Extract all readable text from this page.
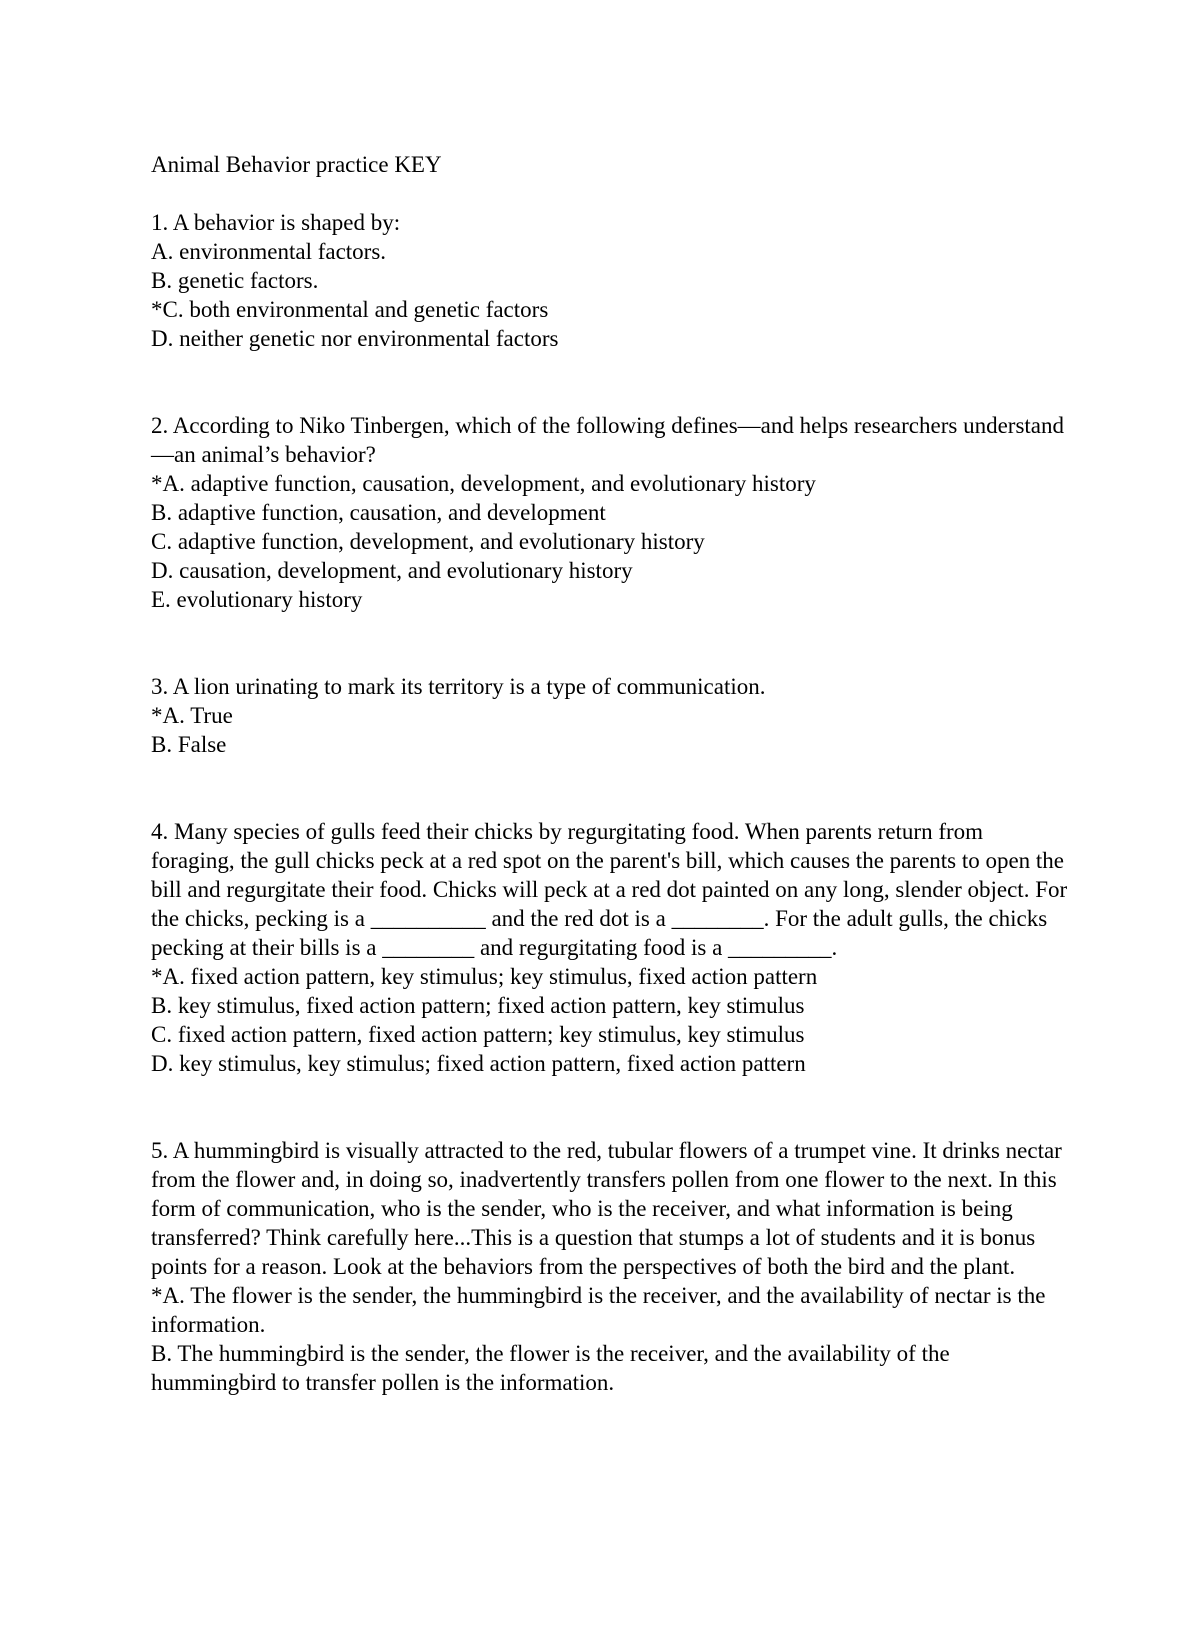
Animal Behavior practice KEY

1. A behavior is shaped by:

A. environmental factors.
B. genetic factors.
*C. both environmental and genetic factors
D. neither genetic nor environmental factors

2. According to Niko Tinbergen, which of the following defines—and helps researchers understand—an animal’s behavior?

*A. adaptive function, causation, development, and evolutionary history
B. adaptive function, causation, and development
C. adaptive function, development, and evolutionary history
D. causation, development, and evolutionary history
E. evolutionary history

3. A lion urinating to mark its territory is a type of communication.

*A. True
B. False

4. Many species of gulls feed their chicks by regurgitating food. When parents return from foraging, the gull chicks peck at a red spot on the parent's bill, which causes the parents to open the bill and regurgitate their food. Chicks will peck at a red dot painted on any long, slender object. For the chicks, pecking is a __________ and the red dot is a ________. For the adult gulls, the chicks pecking at their bills is a ________ and regurgitating food is a _________.

*A. fixed action pattern, key stimulus; key stimulus, fixed action pattern
B. key stimulus, fixed action pattern; fixed action pattern, key stimulus
C. fixed action pattern, fixed action pattern; key stimulus, key stimulus
D. key stimulus, key stimulus; fixed action pattern, fixed action pattern

5. A hummingbird is visually attracted to the red, tubular flowers of a trumpet vine. It drinks nectar from the flower and, in doing so, inadvertently transfers pollen from one flower to the next. In this form of communication, who is the sender, who is the receiver, and what information is being transferred? Think carefully here...This is a question that stumps a lot of students and it is bonus points for a reason. Look at the behaviors from the perspectives of both the bird and the plant.

*A. The flower is the sender, the hummingbird is the receiver, and the availability of nectar is the information.
B. The hummingbird is the sender, the flower is the receiver, and the availability of the hummingbird to transfer pollen is the information.
